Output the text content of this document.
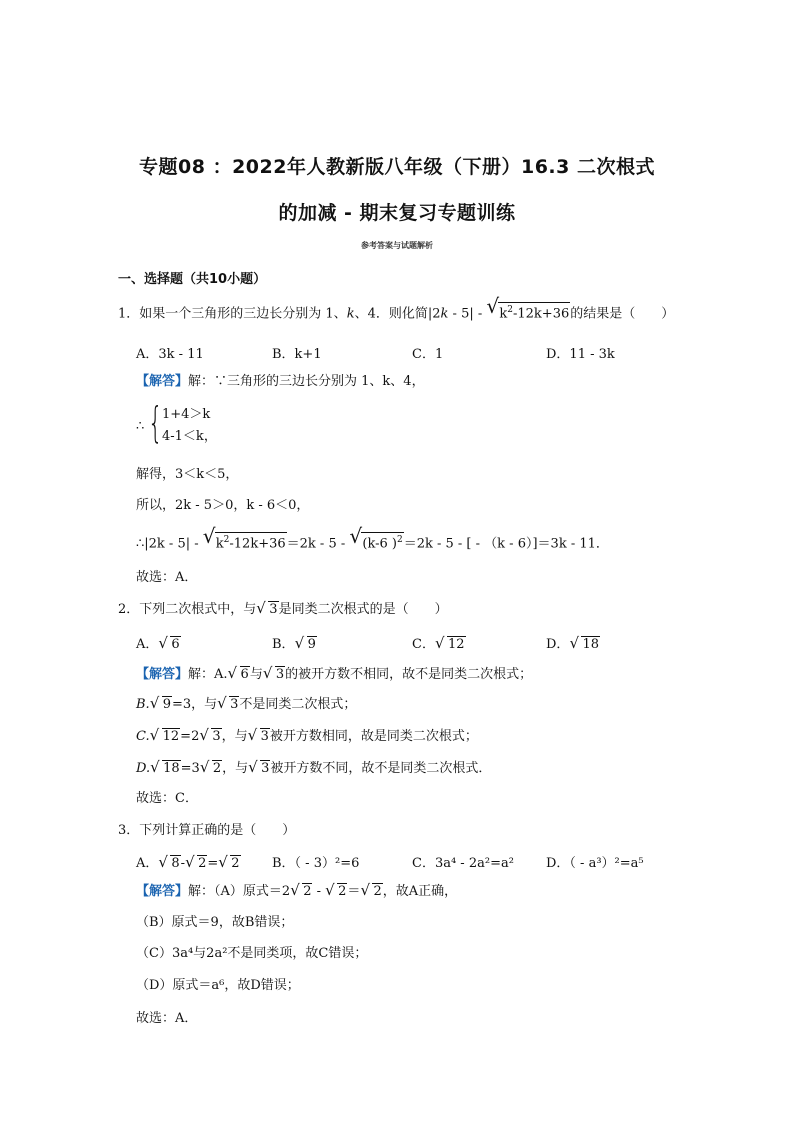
专题08 ：2022年人教新版八年级（下册）16.3 二次根式
的加减 - 期末复习专题训练
参考答案与试题解析
一、选择题（共10小题）
1．如果一个三角形的三边长分别为 1、k、4．则化简|2k - 5| - √ $k^2-12k+36$的结果是（　　）
A．3k - 11	B．k+1	C．1	D．11 - 3k
【解答】解：∵三角形的三边长分别为 1、k、4，
∴ { 1+4＞k
4-1＜k，
解得，3＜k＜5，
所以，2k - 5＞0，k - 6＜0，
∴|2k - 5| - √ $k^2-12k+36=2k - 5$ - √ (k-6 )$^2$＝2k - 5 - [ - （k - 6）]＝3k - 11．
故选：A．
2．下列二次根式中，与 √ 3是同类二次根式的是（　　）
A． √ 6	B． √ 9	C． √ 12	D． √ 18
【解答】解：A. √ 6与 √ 3的被开方数不相同，故不是同类二次根式；
B. √ 9=3，与 √ 3不是同类二次根式；
C. √ 12=2 √ 3，与 √ 3被开方数相同，故是同类二次根式；
D. √ 18=3 √ 2，与 √ 3被开方数不同，故不是同类二次根式．
故选：C．
3．下列计算正确的是（　　）
A． √ 8- √ 2= √ 2 B．（ - 3）²=6	C．3a⁴ - 2a²=a² D．（ - a³）²=a⁵
【解答】解：（A）原式＝2 √ 2 - √ 2＝ √ 2，故A正确，
（B）原式＝9，故B错误；
（C）3a⁴与2a²不是同类项，故C错误；
（D）原式＝a⁶，故D错误；
故选：A．
